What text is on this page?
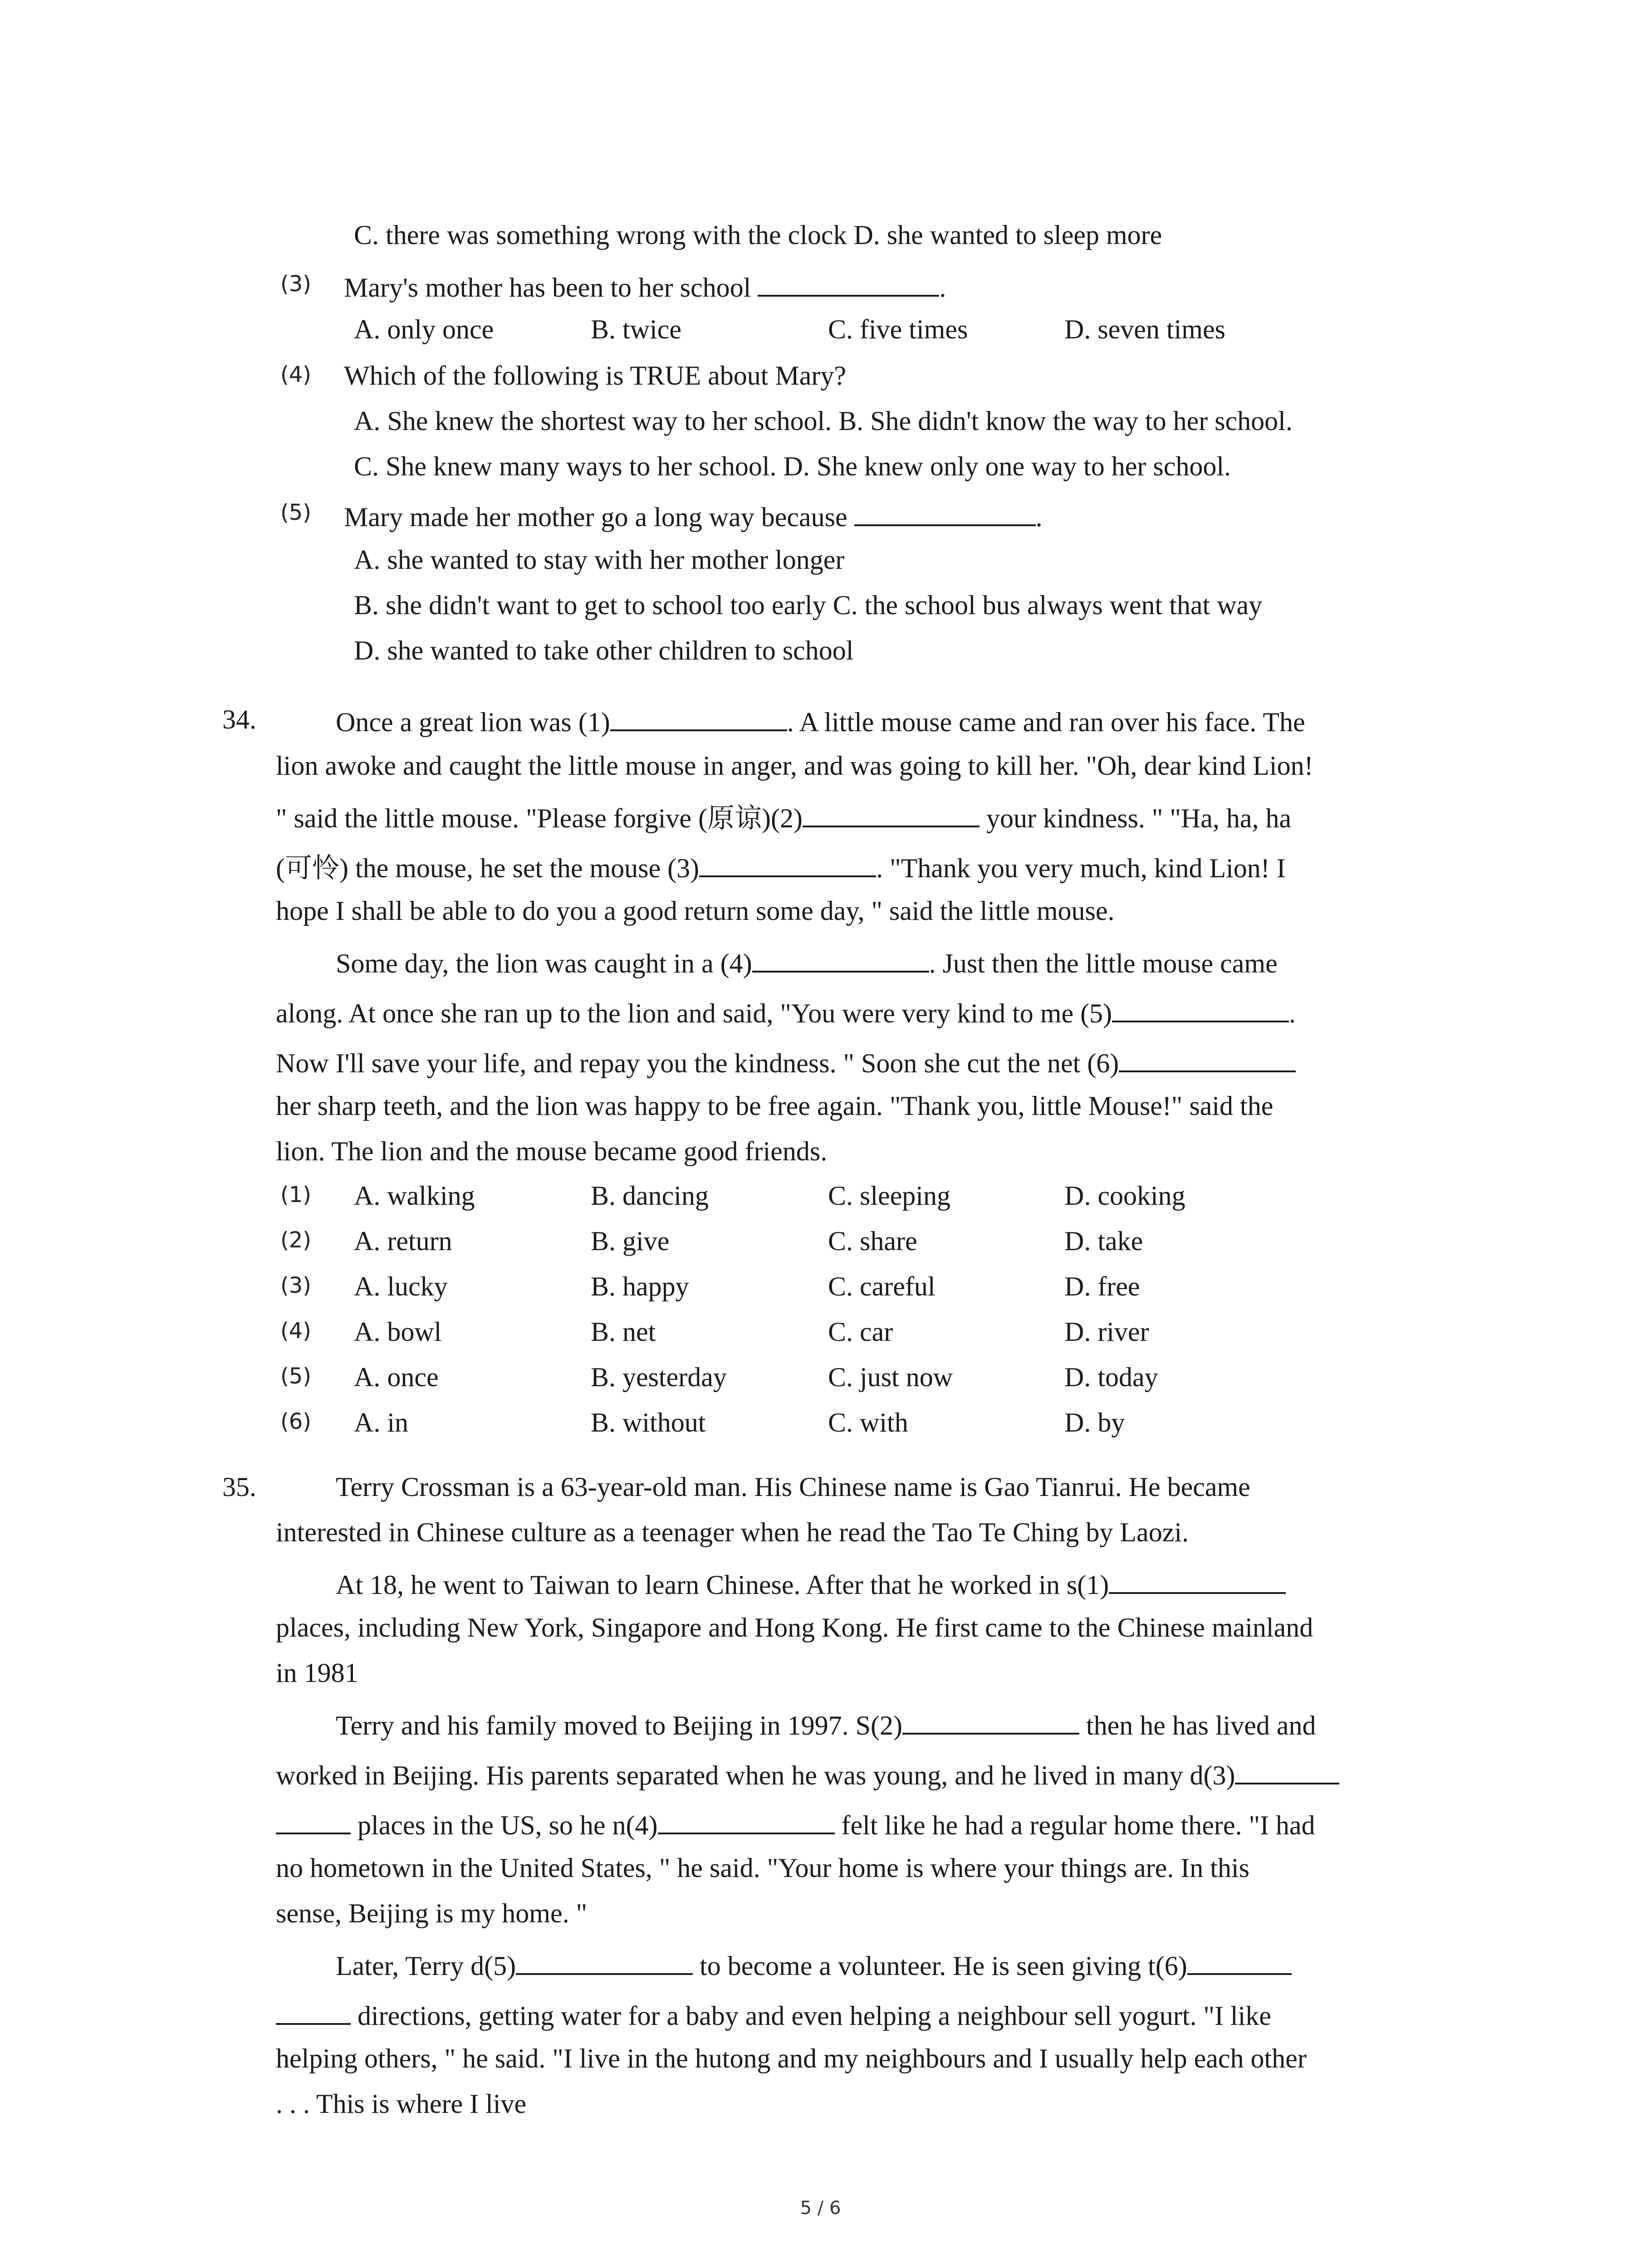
C. there was something wrong with the clock D. she wanted to sleep more
(3) Mary's mother has been to her school	.
A. only once	B. twice	C. five times	D. seven times
(4) Which of the following is TRUE about Mary?
A. She knew the shortest way to her school. B. She didn't know the way to her school.
C. She knew many ways to her school. D. She knew only one way to her school.
(5) Mary made her mother go a long way because	.
A. she wanted to stay with her mother longer
B. she didn't want to get to school too early C. the school bus always went that way
D. she wanted to take other children to school
34.	Once a great lion was (1)	. A little mouse came and ran over his face. The
lion awoke and caught the little mouse in anger, and was going to kill her. "Oh, dear kind Lion!
" said the little mouse. "Please forgive (原谅)(2)	your kindness. " "Ha, ha, ha
(可怜) the mouse, he set the mouse (3)	. "Thank you very much, kind Lion! I
hope I shall be able to do you a good return some day, " said the little mouse.
Some day, the lion was caught in a (4)	. Just then the little mouse came
along. At once she ran up to the lion and said, "You were very kind to me (5)	.
Now I'll save your life, and repay you the kindness. " Soon she cut the net (6)
her sharp teeth, and the lion was happy to be free again. "Thank you, little Mouse!" said the
lion. The lion and the mouse became good friends.
(1) A. walking	B. dancing	C. sleeping	D. cooking
(2) A. return	B. give	C. share	D. take
(3) A. lucky	B. happy	C. careful	D. free
(4) A. bowl	B. net	C. car	D. river
(5) A. once	B. yesterday	C. just now	D. today
(6) A. in	B. without	C. with	D. by
35.	Terry Crossman is a 63-year-old man. His Chinese name is Gao Tianrui. He became
interested in Chinese culture as a teenager when he read the Tao Te Ching by Laozi.
At 18, he went to Taiwan to learn Chinese. After that he worked in s(1)
places, including New York, Singapore and Hong Kong. He first came to the Chinese mainland
in 1981
Terry and his family moved to Beijing in 1997. S(2)	then he has lived and
worked in Beijing. His parents separated when he was young, and he lived in many d(3)
places in the US, so he n(4)	felt like he had a regular home there. "I had
no hometown in the United States, " he said. "Your home is where your things are. In this
sense, Beijing is my home. "
Later, Terry d(5)	to become a volunteer. He is seen giving t(6)
directions, getting water for a baby and even helping a neighbour sell yogurt. "I like
helping others, " he said. "I live in the hutong and my neighbours and I usually help each other
. . . This is where I live
5 / 6
